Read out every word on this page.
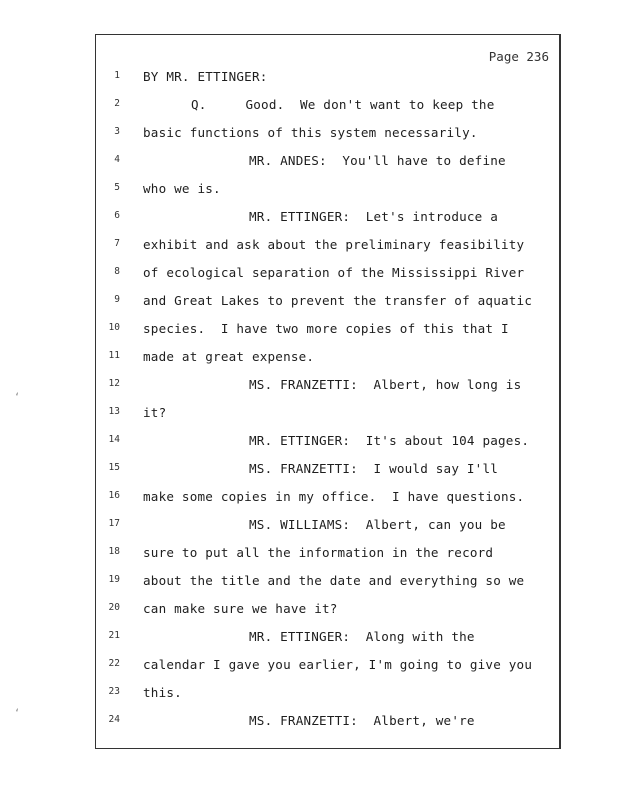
Page 236
1 BY MR. ETTINGER:
2	Q.     Good.  We don't want to keep the
3 basic functions of this system necessarily.
4	MR. ANDES:  You'll have to define
5 who we is.
6	MR. ETTINGER:  Let's introduce a
7 exhibit and ask about the preliminary feasibility
8 of ecological separation of the Mississippi River
9 and Great Lakes to prevent the transfer of aquatic
10 species.  I have two more copies of this that I
11 made at great expense.
12	MS. FRANZETTI:  Albert, how long is
13 it?
14	MR. ETTINGER:  It's about 104 pages.
15	MS. FRANZETTI:  I would say I'll
16 make some copies in my office.  I have questions.
17	MS. WILLIAMS:  Albert, can you be
18 sure to put all the information in the record
19 about the title and the date and everything so we
20 can make sure we have it?
21	MR. ETTINGER:  Along with the
22 calendar I gave you earlier, I'm going to give you
23 this.
24	MS. FRANZETTI:  Albert, we're
‘
‘
